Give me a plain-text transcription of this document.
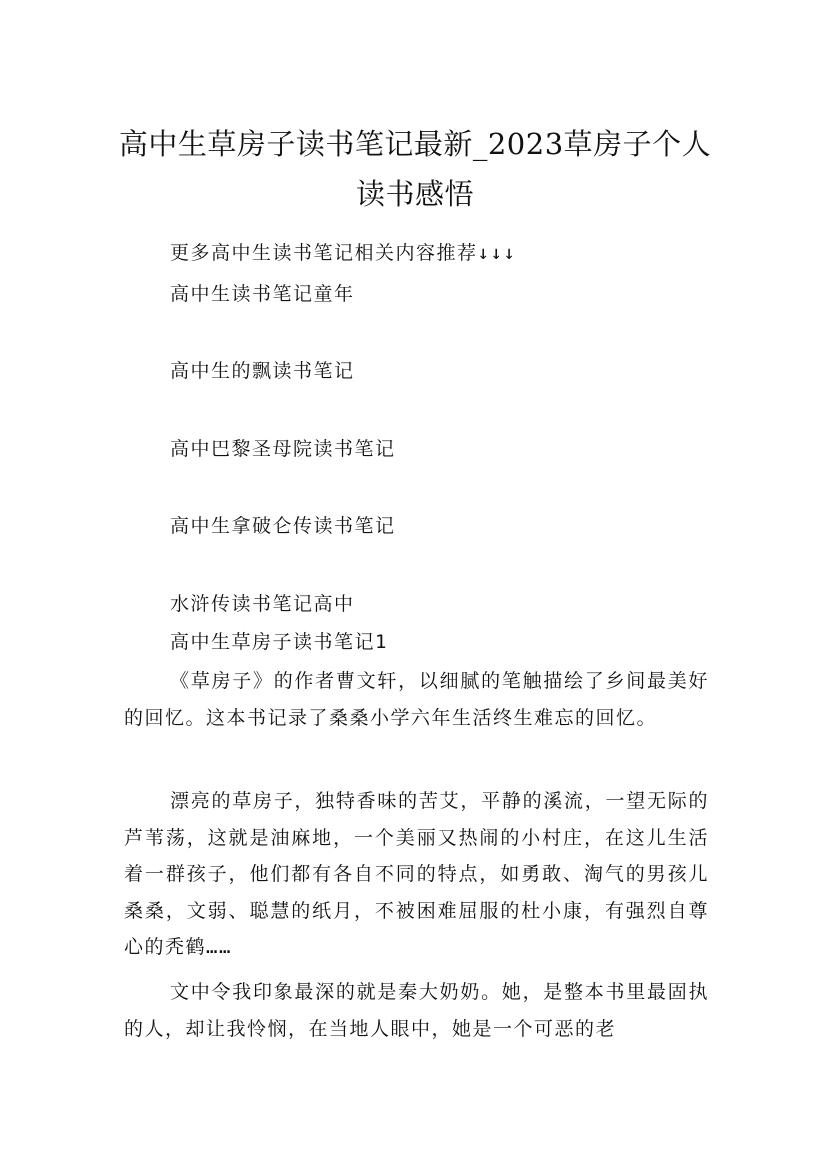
高中生草房子读书笔记最新_2023草房子个人读书感悟
更多高中生读书笔记相关内容推荐↓↓↓
高中生读书笔记童年
高中生的飘读书笔记
高中巴黎圣母院读书笔记
高中生拿破仑传读书笔记
水浒传读书笔记高中
高中生草房子读书笔记1

《草房子》的作者曹文轩，以细腻的笔触描绘了乡间最美好的回忆。这本书记录了桑桑小学六年生活终生难忘的回忆。

漂亮的草房子，独特香味的苦艾，平静的溪流，一望无际的芦苇荡，这就是油麻地，一个美丽又热闹的小村庄，在这儿生活着一群孩子，他们都有各自不同的特点，如勇敢、淘气的男孩儿桑桑，文弱、聪慧的纸月，不被困难屈服的杜小康，有强烈自尊心的秃鹤……

文中令我印象最深的就是秦大奶奶。她，是整本书里最固执的人，却让我怜悯，在当地人眼中，她是一个可恶的老
